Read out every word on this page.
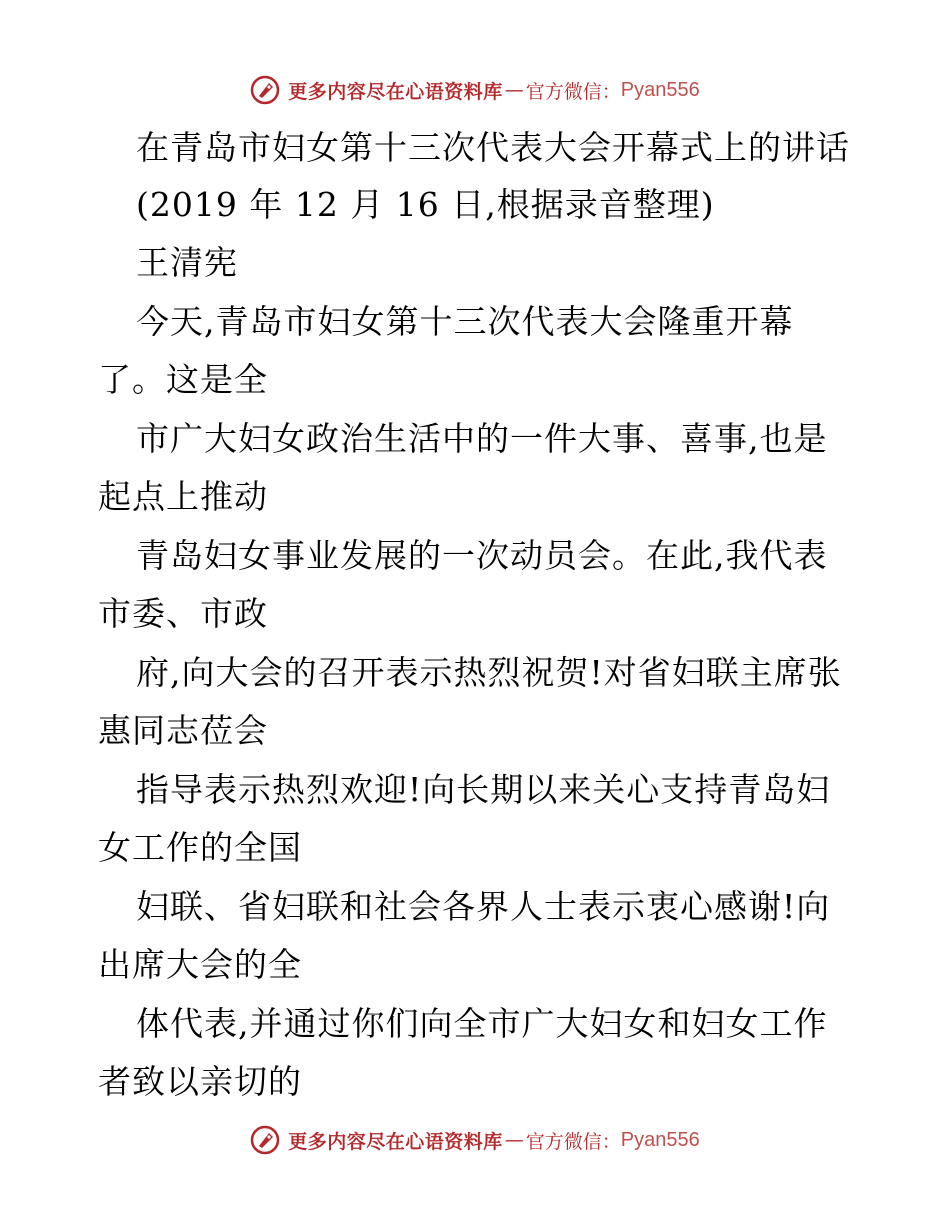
更多内容尽在心语资料库 — 官方微信： Pyan556
在青岛市妇女第十三次代表大会开幕式上的讲话
(2019 年 12 月 16 日,根据录音整理)
王清宪
今天,青岛市妇女第十三次代表大会隆重开幕
了。这是全
市广大妇女政治生活中的一件大事、喜事,也是
起点上推动
青岛妇女事业发展的一次动员会。在此,我代表
市委、市政
府,向大会的召开表示热烈祝贺!对省妇联主席张
惠同志莅会
指导表示热烈欢迎!向长期以来关心支持青岛妇
女工作的全国
妇联、省妇联和社会各界人士表示衷心感谢!向
出席大会的全
体代表,并通过你们向全市广大妇女和妇女工作
者致以亲切的
更多内容尽在心语资料库 — 官方微信： Pyan556
